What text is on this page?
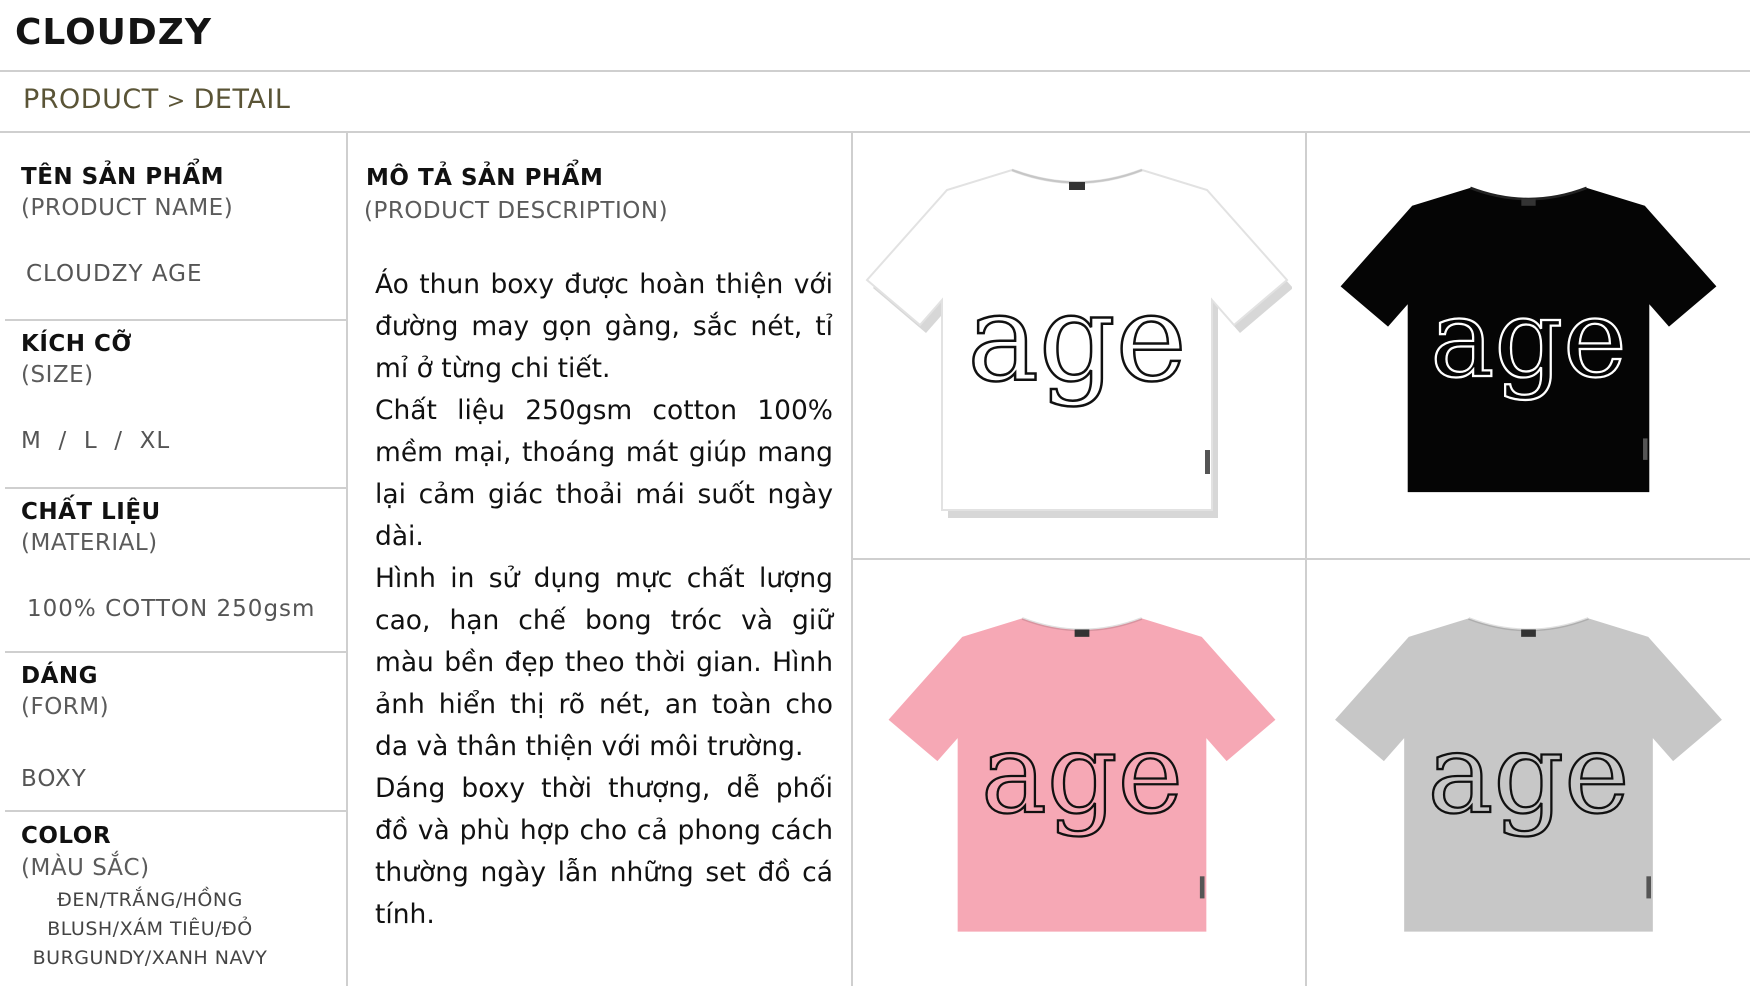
CLOUDZY
PRODUCT > DETAIL
TÊN SẢN PHẨM
(PRODUCT NAME)
CLOUDZY AGE
KÍCH CỠ
(SIZE)
M  /  L  /  XL
CHẤT LIỆU
(MATERIAL)
100% COTTON 250gsm
DÁNG
(FORM)
BOXY
COLOR
(MÀU SẮC)
ĐEN/TRẮNG/HỒNG
BLUSH/XÁM TIÊU/ĐỎ
BURGUNDY/XANH NAVY
MÔ TẢ SẢN PHẨM
(PRODUCT DESCRIPTION)

Áo thun boxy được hoàn thiện với đường may gọn gàng, sắc nét, tỉ mỉ ở từng chi tiết.

Chất liệu 250gsm cotton 100% mềm mại, thoáng mát giúp mang lại cảm giác thoải mái suốt ngày dài.

Hình in sử dụng mực chất lượng cao, hạn chế bong tróc và giữ màu bền đẹp theo thời gian. Hình ảnh hiển thị rõ nét, an toàn cho da và thân thiện với môi trường.

Dáng boxy thời thượng, dễ phối đồ và phù hợp cho cả phong cách thường ngày lẫn những set đồ cá tính.

age age
age age
